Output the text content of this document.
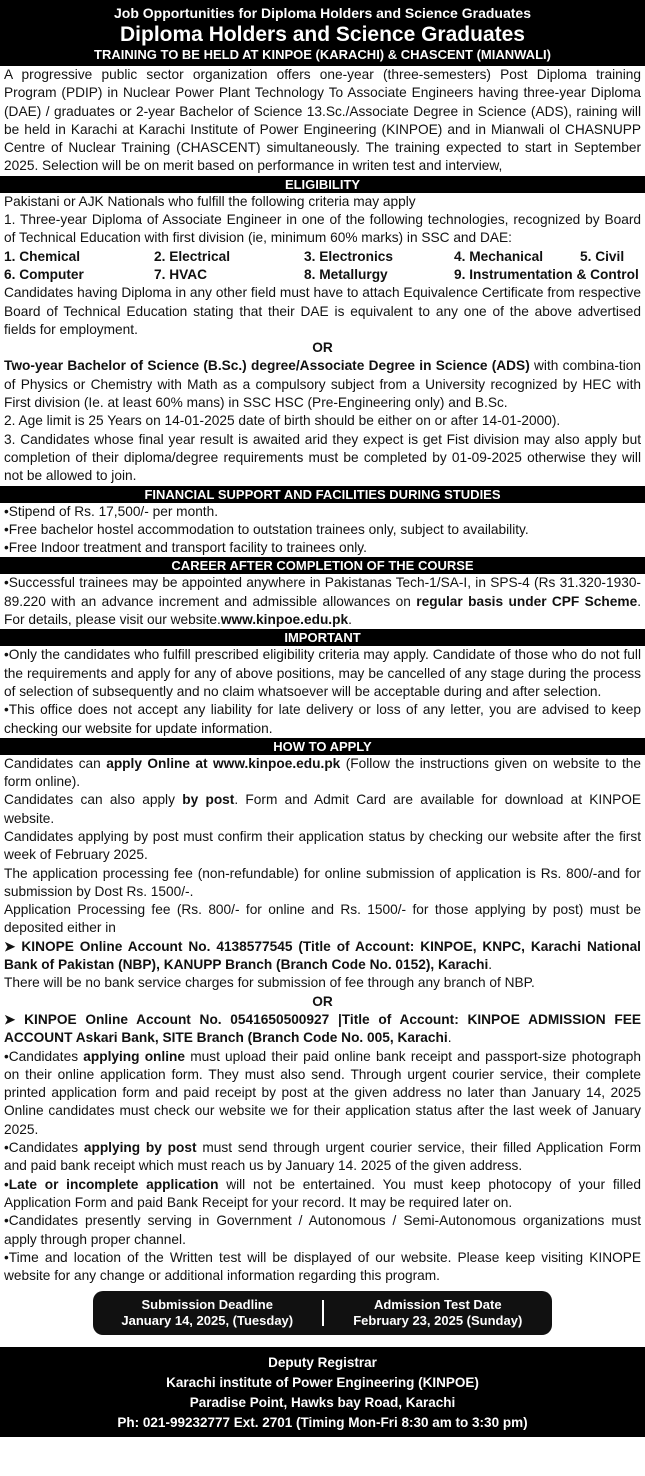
Job Opportunities for Diploma Holders and Science Graduates
Diploma Holders and Science Graduates
TRAINING TO BE HELD AT KINPOE (KARACHI) & CHASCENT (MIANWALI)

A progressive public sector organization offers one-year (three-semesters) Post Diploma training Program (PDIP) in Nuclear Power Plant Technology To Associate Engineers having three-year Diploma (DAE) / graduates or 2-year Bachelor of Science 13.Sc./Associate Degree in Science (ADS), raining will be held in Karachi at Karachi Institute of Power Engineering (KINPOE) and in Mianwali ol CHASNUPP Centre of Nuclear Training (CHASCENT) simultaneously. The training expected to start in September 2025. Selection will be on merit based on performance in writen test and interview,

ELIGIBILITY

Pakistani or AJK Nationals who fulfill the following criteria may apply

1. Three-year Diploma of Associate Engineer in one of the following technologies, recognized by Board of Technical Education with first division (ie, minimum 60% marks) in SSC and DAE:

1. Chemical	2. Electrical	3. Electronics	4. Mechanical	5. Civil
6. Computer	7. HVAC	8. Metallurgy	9. Instrumentation & Control

Candidates having Diploma in any other field must have to attach Equivalence Certificate from respective Board of Technical Education stating that their DAE is equivalent to any one of the above advertised fields for employment.

OR

Two-year Bachelor of Science (B.Sc.) degree/Associate Degree in Science (ADS) with combina-tion of Physics or Chemistry with Math as a compulsory subject from a University recognized by HEC with First division (Ie. at least 60% mans) in SSC HSC (Pre-Engineering only) and B.Sc.

2. Age limit is 25 Years on 14-01-2025 date of birth should be either on or after 14-01-2000).

3. Candidates whose final year result is awaited arid they expect is get Fist division may also apply but completion of their diploma/degree requirements must be completed by 01-09-2025 otherwise they will not be allowed to join.

FINANCIAL SUPPORT AND FACILITIES DURING STUDIES

•Stipend of Rs. 17,500/- per month.

•Free bachelor hostel accommodation to outstation trainees only, subject to availability.

•Free Indoor treatment and transport facility to trainees only.

CAREER AFTER COMPLETION OF THE COURSE

•Successful trainees may be appointed anywhere in Pakistanas Tech-1/SA-I, in SPS-4 (Rs 31.320-1930-89.220 with an advance increment and admissible allowances on regular basis under CPF Scheme. For details, please visit our website.www.kinpoe.edu.pk.

IMPORTANT

•Only the candidates who fulfill prescribed eligibility criteria may apply. Candidate of those who do not full the requirements and apply for any of above positions, may be cancelled of any stage during the process of selection of subsequently and no claim whatsoever will be acceptable during and after selection.

•This office does not accept any liability for late delivery or loss of any letter, you are advised to keep checking our website for update information.

HOW TO APPLY

Candidates can apply Online at www.kinpoe.edu.pk (Follow the instructions given on website to the form online).

Candidates can also apply by post. Form and Admit Card are available for download at KINPOE website.

Candidates applying by post must confirm their application status by checking our website after the first week of February 2025.

The application processing fee (non-refundable) for online submission of application is Rs. 800/-and for submission by Dost Rs. 1500/-.

Application Processing fee (Rs. 800/- for online and Rs. 1500/- for those applying by post) must be deposited either in

➤ KINOPE Online Account No. 4138577545 (Title of Account: KINPOE, KNPC, Karachi National Bank of Pakistan (NBP), KANUPP Branch (Branch Code No. 0152), Karachi.

There will be no bank service charges for submission of fee through any branch of NBP.

OR

➤ KINPOE Online Account No. 0541650500927 |Title of Account: KINPOE ADMISSION FEE ACCOUNT Askari Bank, SITE Branch (Branch Code No. 005, Karachi.

•Candidates applying online must upload their paid online bank receipt and passport-size photograph on their online application form. They must also send. Through urgent courier service, their complete printed application form and paid receipt by post at the given address no later than January 14, 2025 Online candidates must check our website we for their application status after the last week of January 2025.

•Candidates applying by post must send through urgent courier service, their filled Application Form and paid bank receipt which must reach us by January 14. 2025 of the given address.

•Late or incomplete application will not be entertained. You must keep photocopy of your filled Application Form and paid Bank Receipt for your record. It may be required later on.

•Candidates presently serving in Government / Autonomous / Semi-Autonomous organizations must apply through proper channel.

•Time and location of the Written test will be displayed of our website. Please keep visiting KINOPE website for any change or additional information regarding this program.

Submission Deadline
January 14, 2025, (Tuesday)
Admission Test Date
February 23, 2025 (Sunday)
Deputy Registrar
Karachi institute of Power Engineering (KINPOE)
Paradise Point, Hawks bay Road, Karachi
Ph: 021-99232777 Ext. 2701 (Timing Mon-Fri 8:30 am to 3:30 pm)
